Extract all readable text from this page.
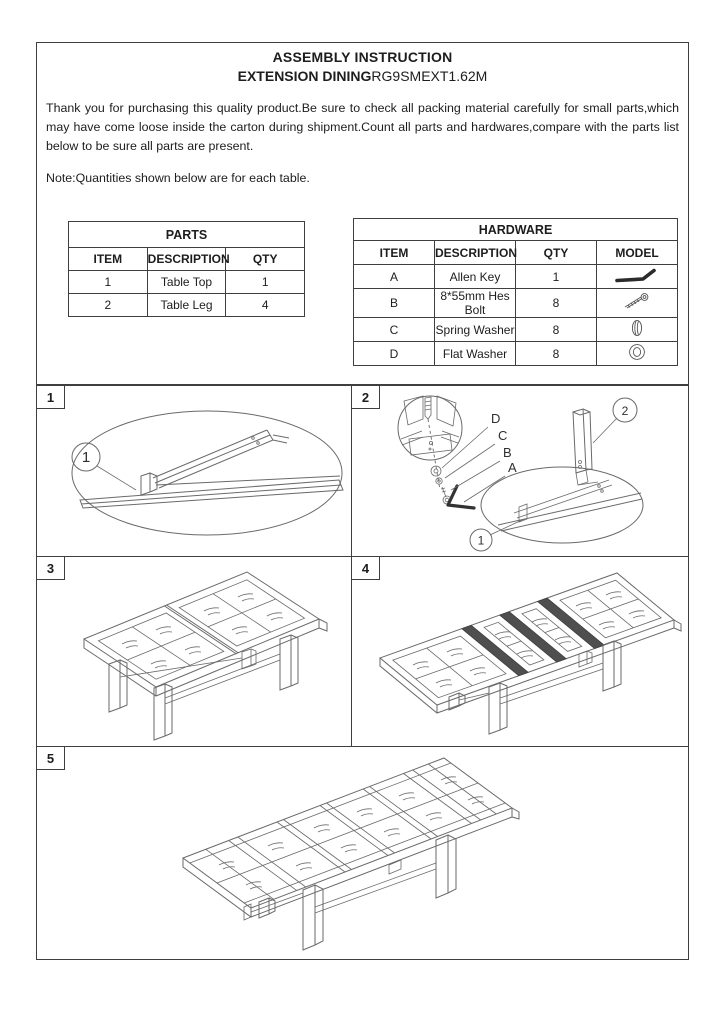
ASSEMBLY INSTRUCTION
EXTENSION DININGRG9SMEXT1.62M

Thank you for purchasing this quality product.Be sure to check all packing material carefully for small parts,which may have come loose inside the carton during shipment.Count all parts and hardwares,compare with the parts list below to be sure all parts are present.

Note:Quantities shown below are for each table.

PARTS		
ITEM	DESCRIPTION	QTY
1	Table Top	1
2	Table Leg	4
HARDWARE			
ITEM	DESCRIPTION	QTY	MODEL
A	Allen Key	1	
B	8*55mm Hes Bolt	8	
C	Spring Washer	8	
D	Flat Washer	8	
1
1
2
D
C
B
A
2
1
3	4
5
